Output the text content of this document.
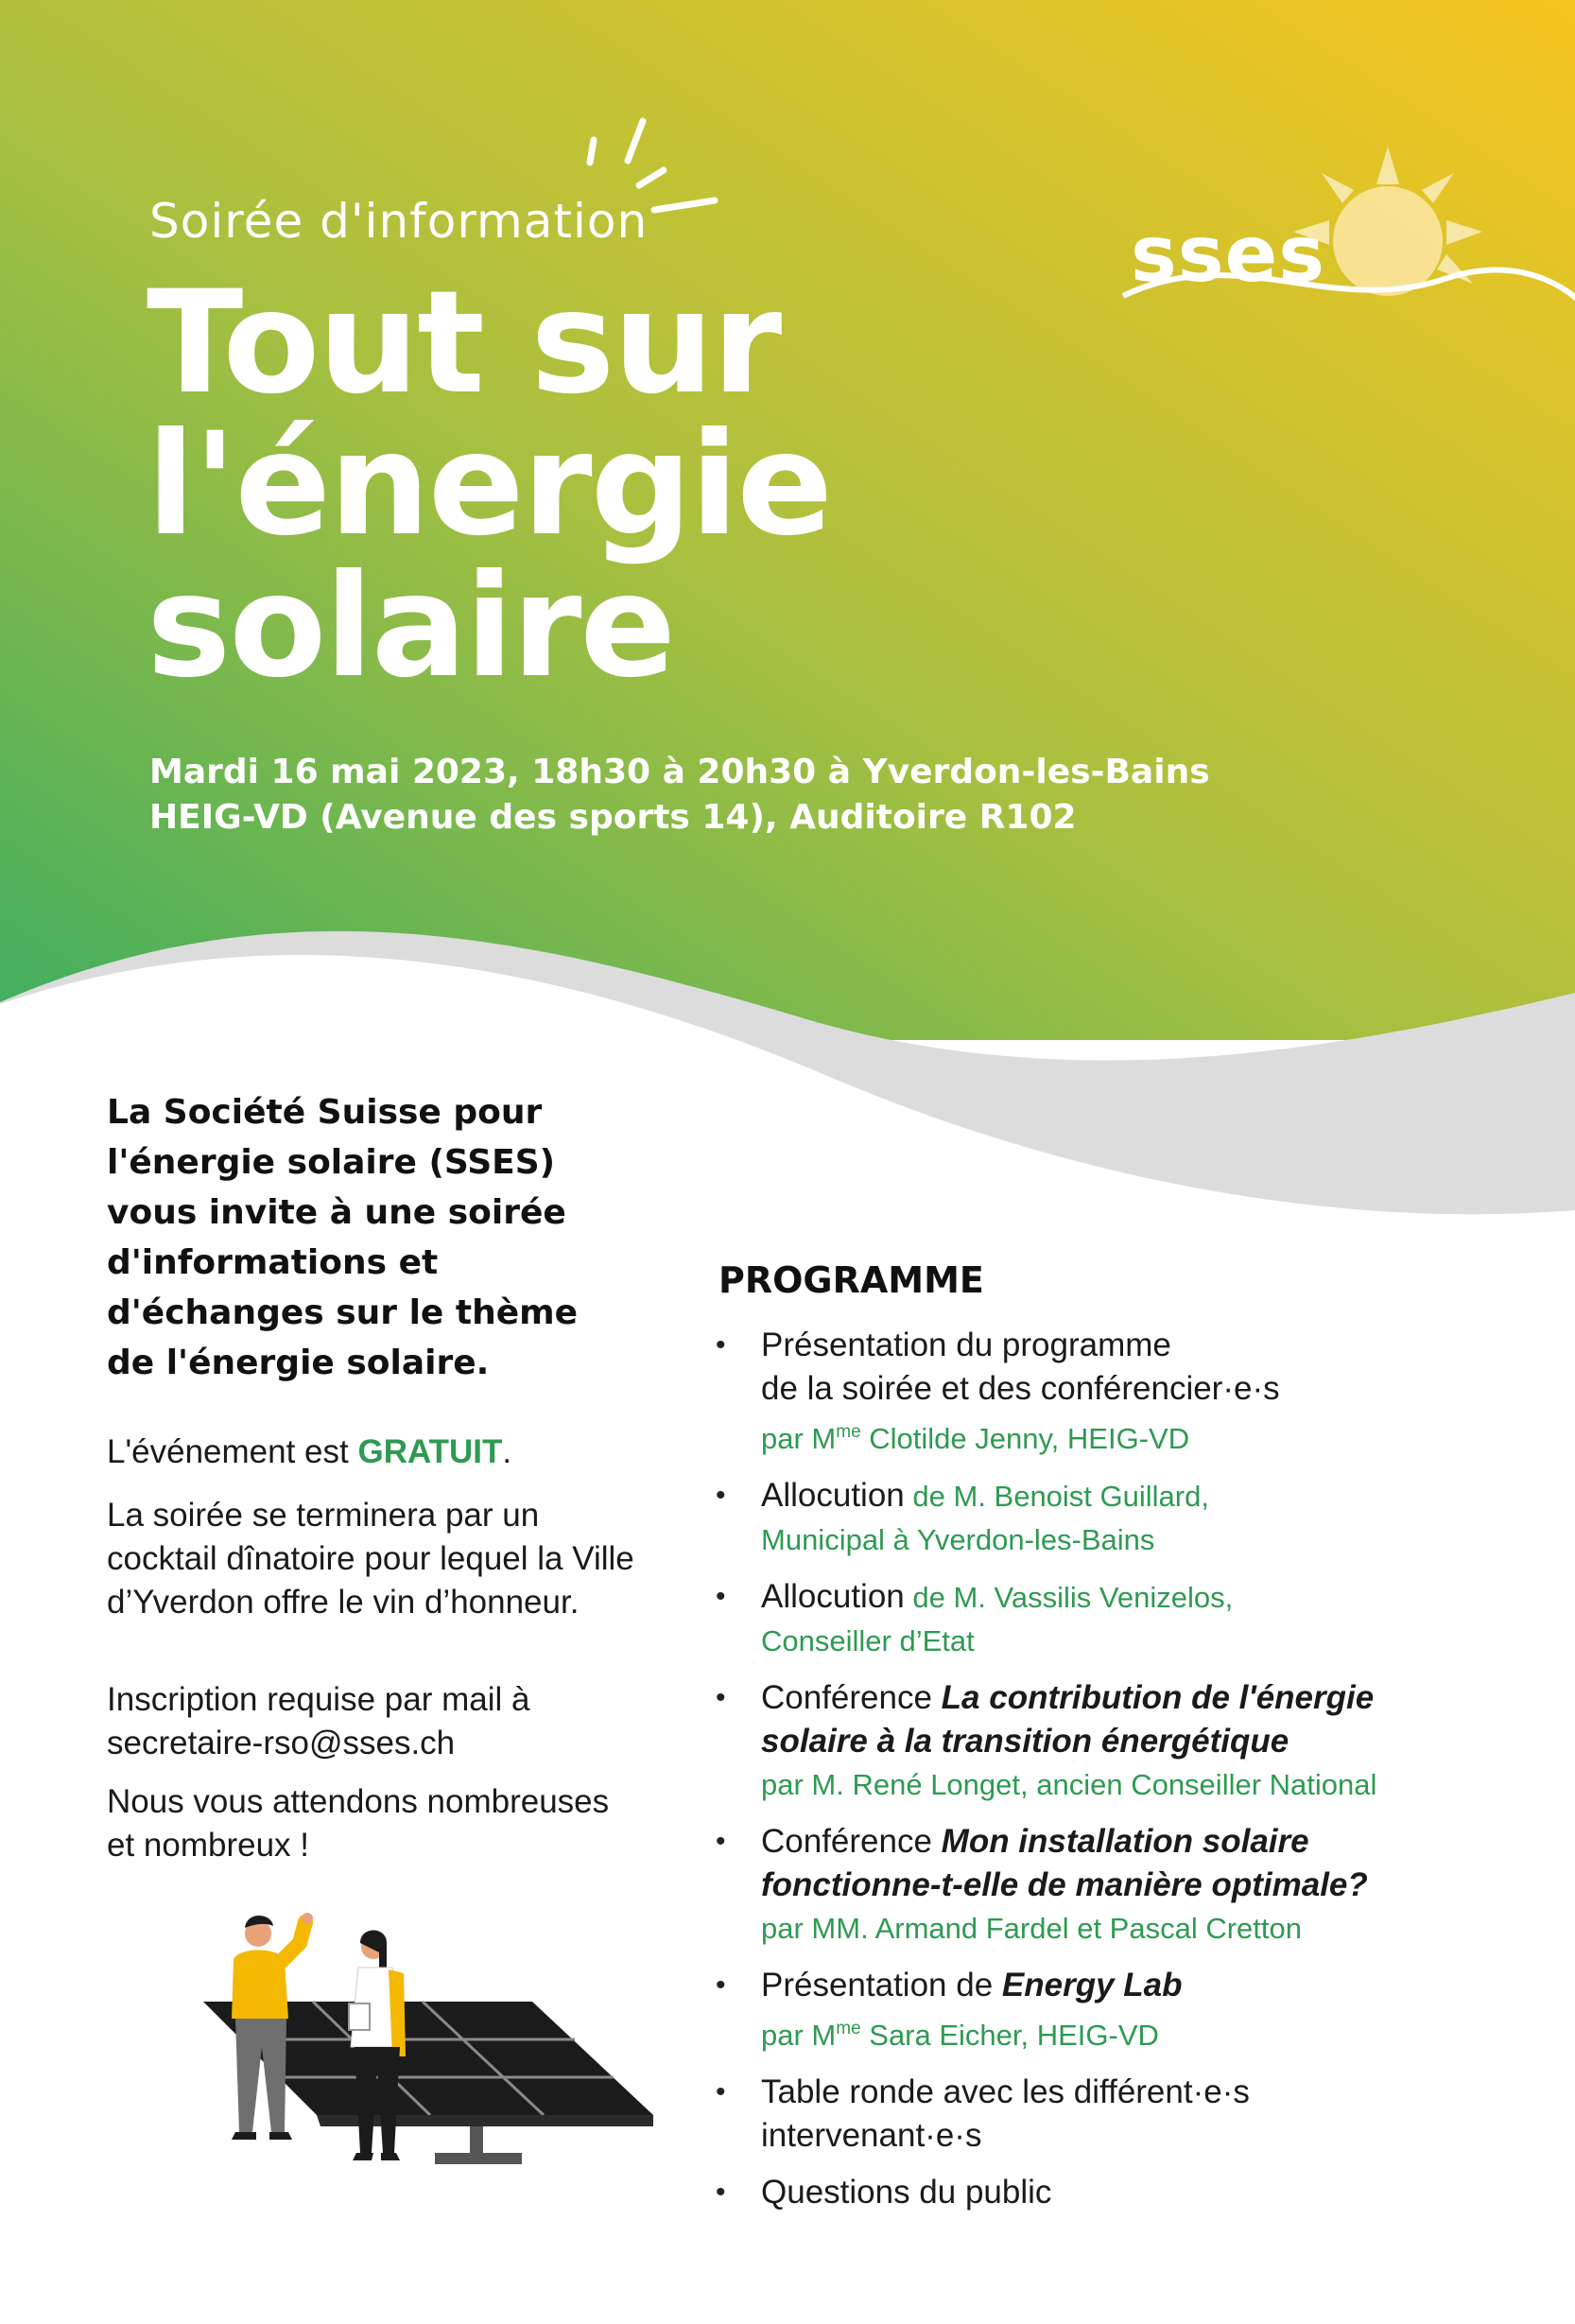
Soirée d'information
Tout sur
l'énergie
solaire
sses
Mardi 16 mai 2023, 18h30 à 20h30 à Yverdon-les-Bains
HEIG-VD (Avenue des sports 14), Auditoire R102
La Société Suisse pour l'énergie solaire (SSES) vous invite à une soirée d'informations et d'échanges sur le thème de l'énergie solaire.
L'événement est GRATUIT.
La soirée se terminera par un cocktail dînatoire pour lequel la Ville d’Yverdon offre le vin d’honneur.
Inscription requise par mail à secretaire-rso@sses.ch
Nous vous attendons nombreuses et nombreux !
PROGRAMME
• Présentation du programme
de la soirée et des conférencier·e·s
par $M^{me}$ Clotilde Jenny, HEIG-VD
• Allocution de M. Benoist Guillard,
Municipal à Yverdon-les-Bains
• Allocution de M. Vassilis Venizelos,
Conseiller d’Etat
• Conférence La contribution de l'énergie
solaire à la transition énergétique
par M. René Longet, ancien Conseiller National
• Conférence Mon installation solaire
fonctionne-t-elle de manière optimale?
par MM. Armand Fardel et Pascal Cretton
• Présentation de Energy Lab
par $M^{me}$ Sara Eicher, HEIG-VD
• Table ronde avec les différent·e·s
intervenant·e·s
• Questions du public
